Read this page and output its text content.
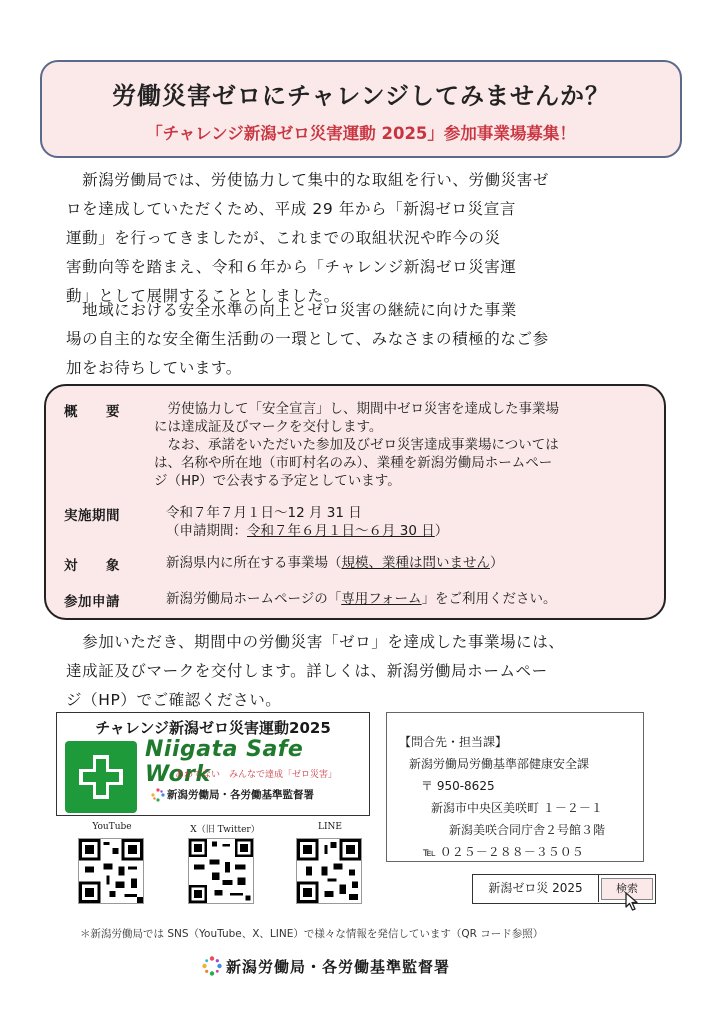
労働災害ゼロにチャレンジしてみませんか？
「チャレンジ新潟ゼロ災害運動 2025」参加事業場募集！
　新潟労働局では、労使協力して集中的な取組を行い、労働災害ゼ
ロを達成していただくため、平成 29 年から「新潟ゼロ災宣言
運動」を行ってきましたが、これまでの取組状況や昨今の災
害動向等を踏まえ、令和６年から「チャレンジ新潟ゼロ災害運
動」として展開することとしました。
　地域における安全水準の向上とゼロ災害の継続に向けた事業
場の自主的な安全衛生活動の一環として、みなさまの積極的なご参
加をお待ちしています。
概　　要	　労使協力して「安全宣言」し、期間中ゼロ災害を達成した事業場
には達成証及びマークを交付します。
　なお、承諾をいただいた参加及びゼロ災害達成事業場については
は、名称や所在地（市町村名のみ）、業種を新潟労働局ホームペー
ジ（HP）で公表する予定としています。
実施期間	令和７年７月１日～12 月 31 日
（申請期間：令和７年６月１日～６月 30 日）
対　　象	新潟県内に所在する事業場（規模、業種は問いません）
参加申請	新潟労働局ホームページの「専用フォーム」をご利用ください。
　参加いただき、期間中の労働災害「ゼロ」を達成した事業場には、
達成証及びマークを交付します。詳しくは、新潟労働局ホームペー
ジ（HP）でご確認ください。
チャレンジ新潟ゼロ災害運動2025
Niigata Safe Work
あわてない　みんなで達成「ゼロ災害」
新潟労働局・各労働基準監督署
【問合先・担当課】
新潟労働局労働基準部健康安全課
〒 950-8625
新潟市中央区美咲町 １－２－１
新潟美咲合同庁舎２号館３階
℡ ０２５－２８８－３５０５
YouTube	X（旧 Twitter）	LINE
新潟ゼロ災 2025	検索
＊新潟労働局では SNS（YouTube、X、LINE）で様々な情報を発信しています（QR コード参照）
新潟労働局・各労働基準監督署
